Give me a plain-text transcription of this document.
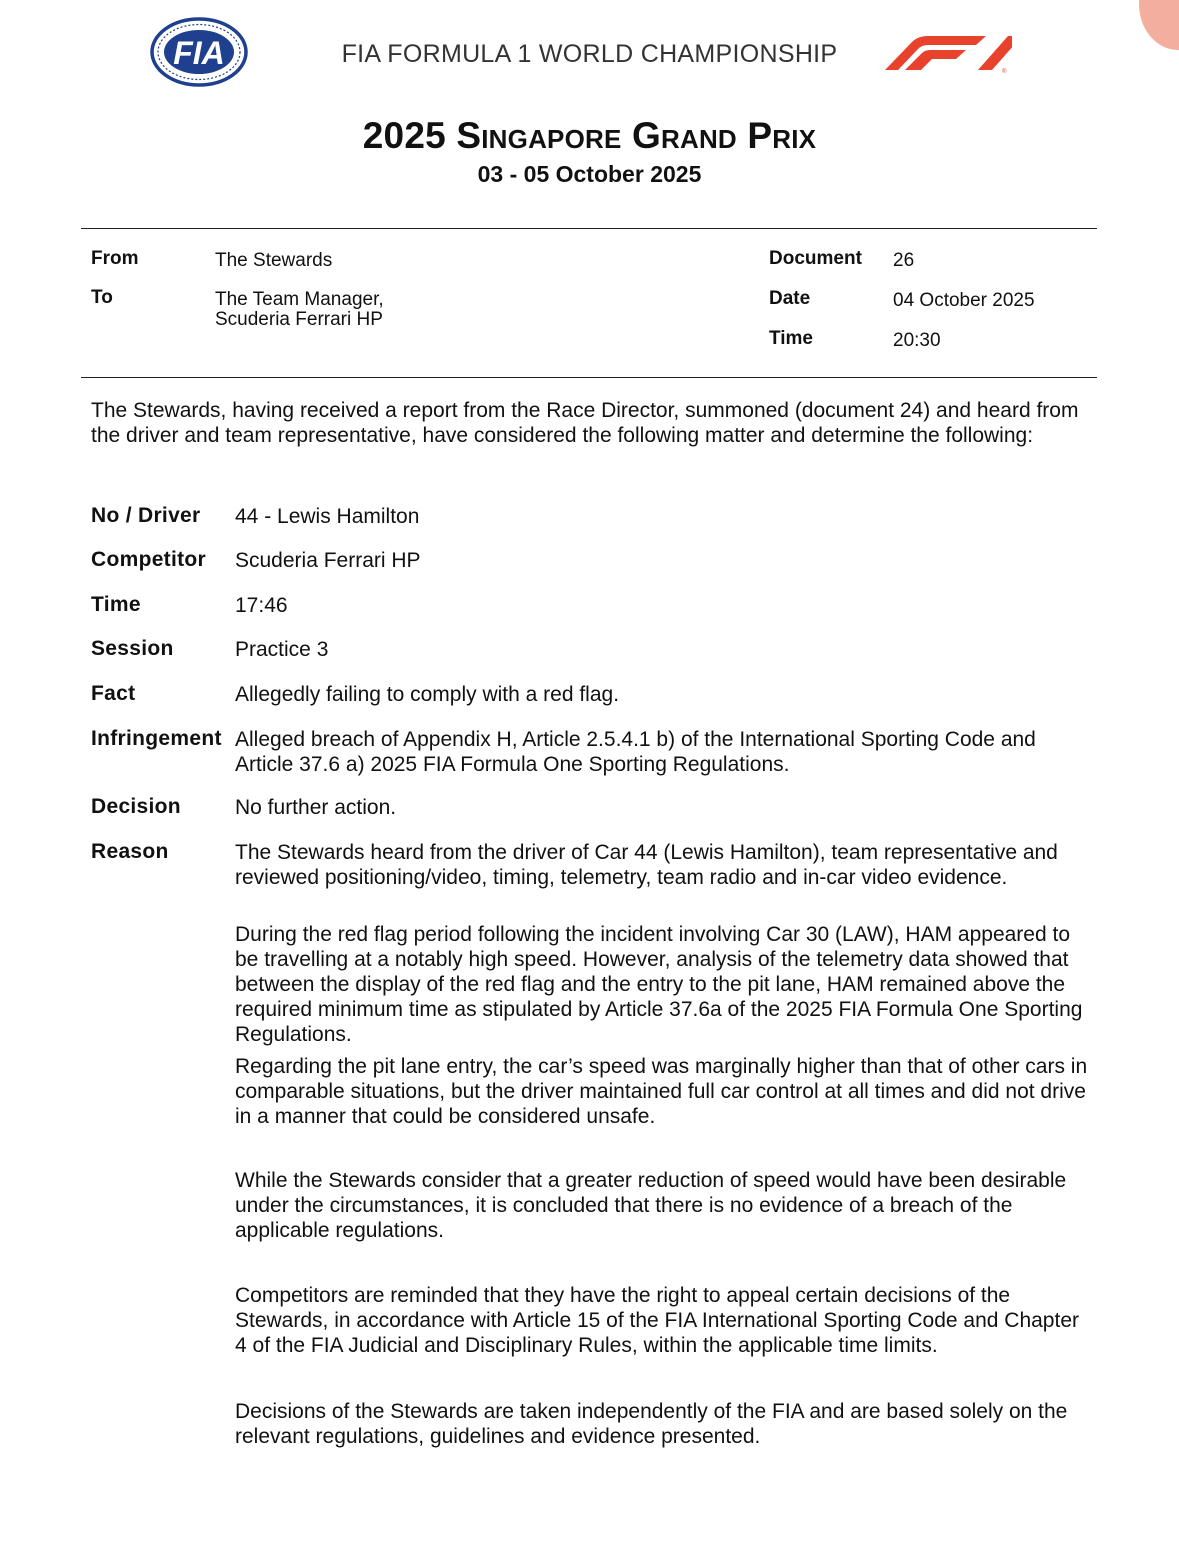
FIA	FIA FORMULA 1 WORLD CHAMPIONSHIP
®
2025 Singapore Grand Prix
03 - 05 October 2025
From	The Stewards
To	The Team Manager,
Scuderia Ferrari HP
Document 26
Date	04 October 2025
Time	20:30
The Stewards, having received a report from the Race Director, summoned (document 24) and heard from the driver and team representative, have considered the following matter and determine the following:
No / Driver 44 - Lewis Hamilton
Competitor Scuderia Ferrari HP
Time	17:46
Session	Practice 3
Fact	Allegedly failing to comply with a red flag.
Infringement Alleged breach of Appendix H, Article 2.5.4.1 b) of the International Sporting Code and Article 37.6 a) 2025 FIA Formula One Sporting Regulations.
Decision	No further action.
Reason	The Stewards heard from the driver of Car 44 (Lewis Hamilton), team representative and reviewed positioning/video, timing, telemetry, team radio and in-car video evidence.
During the red flag period following the incident involving Car 30 (LAW), HAM appeared to be travelling at a notably high speed. However, analysis of the telemetry data showed that between the display of the red flag and the entry to the pit lane, HAM remained above the required minimum time as stipulated by Article 37.6a of the 2025 FIA Formula One Sporting Regulations.
Regarding the pit lane entry, the car’s speed was marginally higher than that of other cars in comparable situations, but the driver maintained full car control at all times and did not drive in a manner that could be considered unsafe.
While the Stewards consider that a greater reduction of speed would have been desirable under the circumstances, it is concluded that there is no evidence of a breach of the applicable regulations.
Competitors are reminded that they have the right to appeal certain decisions of the Stewards, in accordance with Article 15 of the FIA International Sporting Code and Chapter 4 of the FIA Judicial and Disciplinary Rules, within the applicable time limits.
Decisions of the Stewards are taken independently of the FIA and are based solely on the relevant regulations, guidelines and evidence presented.
